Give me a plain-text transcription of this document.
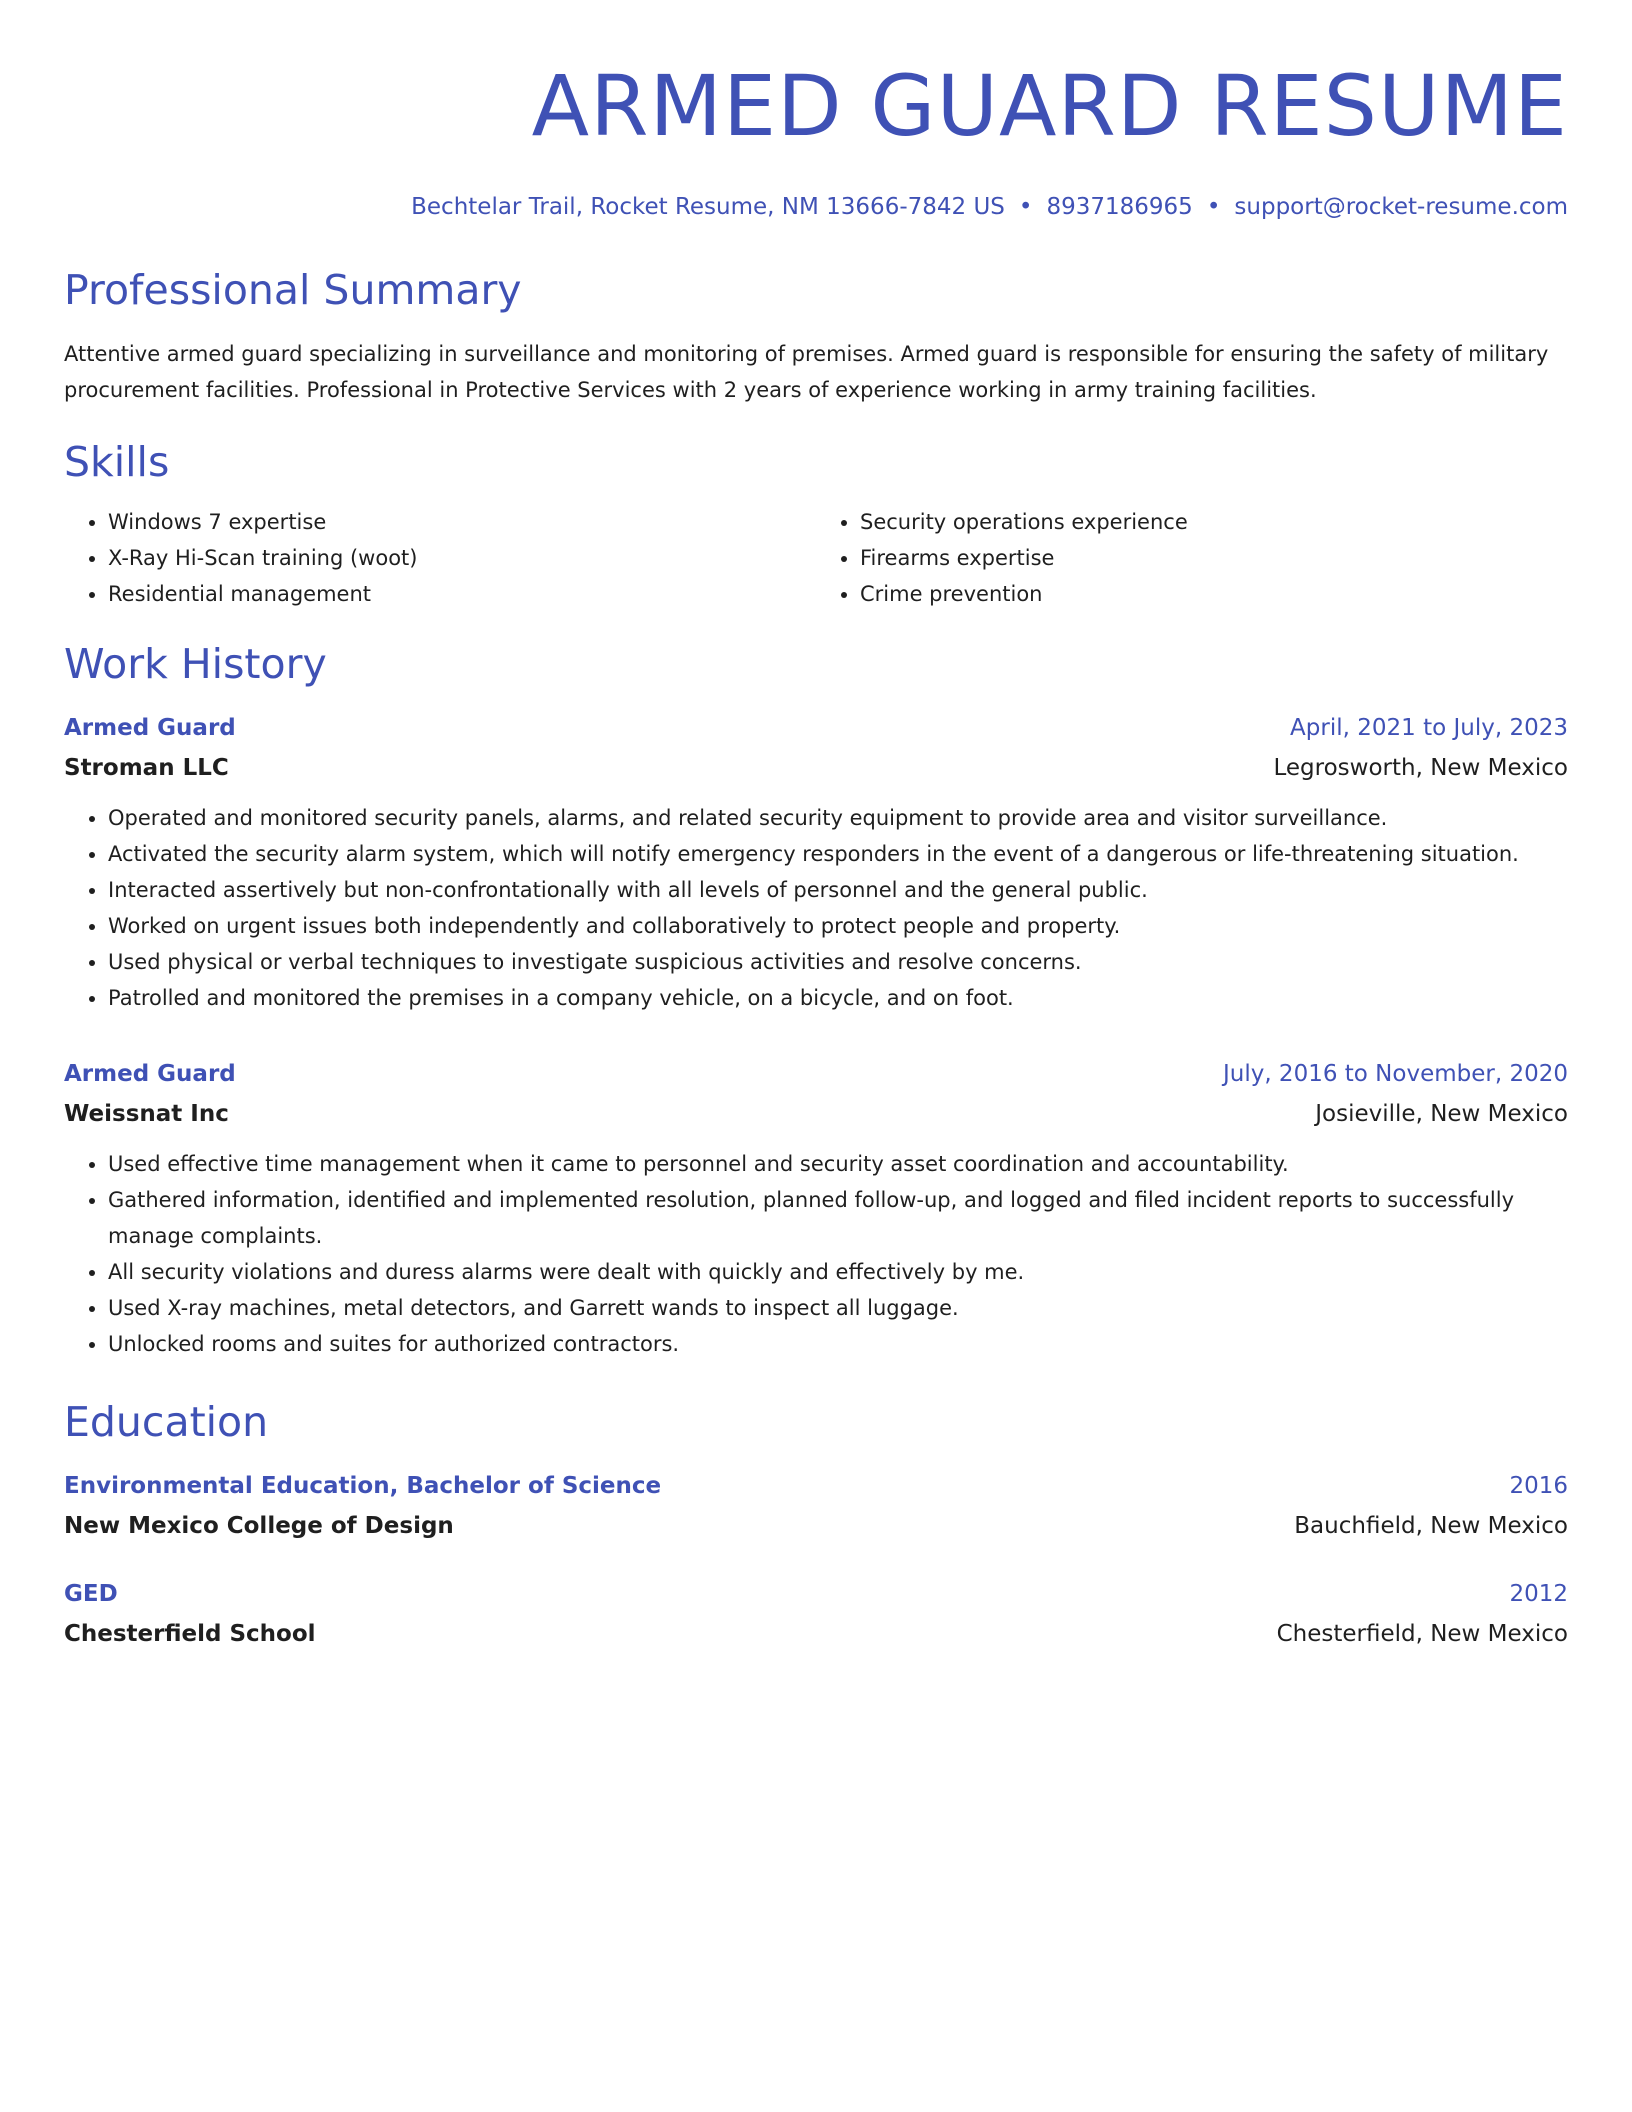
ARMED GUARD RESUME
Bechtelar Trail, Rocket Resume, NM 13666-7842 US • 8937186965 • support@rocket-resume.com
Professional Summary

Attentive armed guard specializing in surveillance and monitoring of premises. Armed guard is responsible for ensuring the safety of military procurement facilities. Professional in Protective Services with 2 years of experience working in army training facilities.

Skills
• Windows 7 expertise
• X-Ray Hi-Scan training (woot)
• Residential management
• Security operations experience
• Firearms expertise
• Crime prevention
Work History
Armed Guard	April, 2021 to July, 2023
Stroman LLC	Legrosworth, New Mexico
• Operated and monitored security panels, alarms, and related security equipment to provide area and visitor surveillance.
• Activated the security alarm system, which will notify emergency responders in the event of a dangerous or life-threatening situation.
• Interacted assertively but non-confrontationally with all levels of personnel and the general public.
• Worked on urgent issues both independently and collaboratively to protect people and property.
• Used physical or verbal techniques to investigate suspicious activities and resolve concerns.
• Patrolled and monitored the premises in a company vehicle, on a bicycle, and on foot.
Armed Guard	July, 2016 to November, 2020
Weissnat Inc	Josieville, New Mexico
• Used effective time management when it came to personnel and security asset coordination and accountability.
• Gathered information, identified and implemented resolution, planned follow-up, and logged and filed incident reports to successfully manage complaints.
• All security violations and duress alarms were dealt with quickly and effectively by me.
• Used X-ray machines, metal detectors, and Garrett wands to inspect all luggage.
• Unlocked rooms and suites for authorized contractors.
Education
Environmental Education, Bachelor of Science	2016
New Mexico College of Design	Bauchfield, New Mexico
GED	2012
Chesterfield School	Chesterfield, New Mexico
